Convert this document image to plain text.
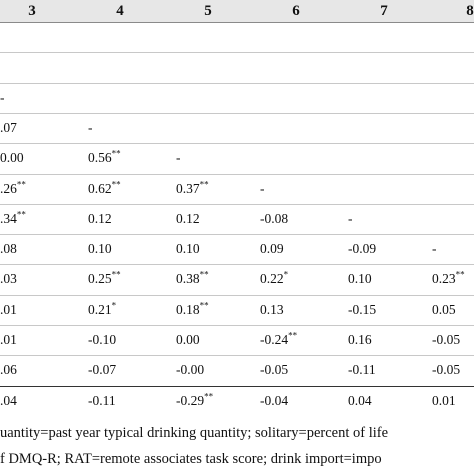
3	4	5	6	7	8
-
.07	-
0.00	0.56**	-
.26**	0.62**	0.37**	-
.34**	0.12	0.12	-0.08	-
.08	0.10	0.10	0.09	-0.09	-
.03	0.25**	0.38**	0.22*	0.10	0.23**
.01	0.21*	0.18**	0.13	-0.15	0.05
.01	-0.10	0.00	-0.24**	0.16	-0.05
.06	-0.07	-0.00	-0.05	-0.11	-0.05
.04	-0.11	-0.29**	-0.04	0.04	0.01
uantity=past year typical drinking quantity; solitary=percent of life
f DMQ-R; RAT=remote associates task score; drink import=impo
